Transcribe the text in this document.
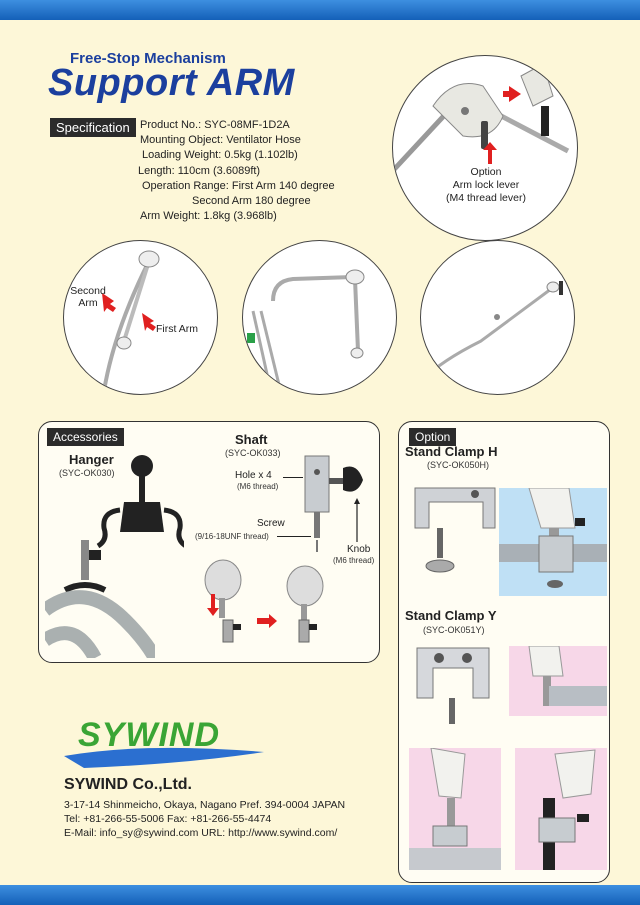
Free-Stop Mechanism
Support ARM
Specification Product No.: SYC-08MF-1D2A
Mounting Object: Ventilator Hose
Loading Weight: 0.5kg (1.102lb)
Length: 110cm (3.6089ft)
Operation Range: First Arm 140 degree
Second Arm 180 degree
Arm Weight: 1.8kg (3.968lb)
Option
Arm lock lever
(M4 thread lever)
Second Arm
First Arm
Accessories
Hanger
(SYC-OK030)
Shaft
(SYC-OK033)
Hole x 4
(M6 thread)
Screw
(9/16-18UNF thread)
Knob
(M6 thread)
Option
Stand Clamp H
(SYC-OK050H)
Stand Clamp Y
(SYC-OK051Y)
SYWIND
SYWIND Co.,Ltd.
3-17-14 Shinmeicho, Okaya, Nagano Pref. 394-0004 JAPAN
Tel: +81-266-55-5006 Fax: +81-266-55-4474
E-Mail: info_sy@sywind.com URL: http://www.sywind.com/
